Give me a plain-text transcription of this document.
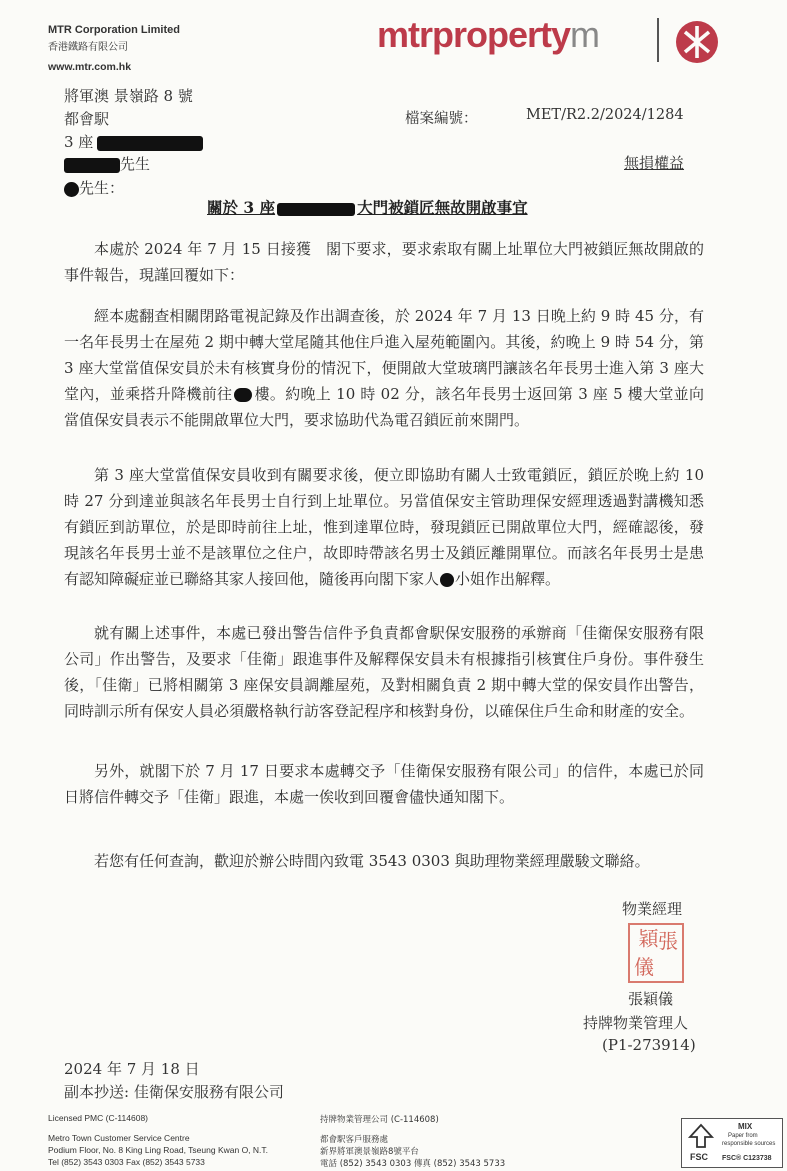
MTR Corporation Limited
香港鐵路有限公司
www.mtr.com.hk
mtrpropertym
將軍澳 景嶺路 8 號
都會駅
3 座
先生
先生：
檔案編號：	MET/R2.2/2024/1284
無損權益
關於 3 座	大門被鎖匠無故開啟事宜

本處於 2024 年 7 月 15 日接獲　閣下要求，要求索取有關上址單位大門被鎖匠無故開啟的事件報告，現謹回覆如下：

經本處翻查相關閉路電視記錄及作出調查後，於 2024 年 7 月 13 日晚上約 9 時 45 分，有一名年長男士在屋苑 2 期中轉大堂尾隨其他住戶進入屋苑範圍內。其後，約晚上 9 時 54 分，第 3 座大堂當值保安員於未有核實身份的情況下，便開啟大堂玻璃門讓該名年長男士進入第 3 座大堂內，並乘搭升降機前往 樓。約晚上 10 時 02 分，該名年長男士返回第 3 座 5 樓大堂並向當值保安員表示不能開啟單位大門，要求協助代為電召鎖匠前來開門。

第 3 座大堂當值保安員收到有關要求後，便立即協助有關人士致電鎖匠，鎖匠於晚上約 10 時 27 分到達並與該名年長男士自行到上址單位。另當值保安主管助理保安經理透過對講機知悉有鎖匠到訪單位，於是即時前往上址，惟到達單位時，發現鎖匠已開啟單位大門，經確認後，發現該名年長男士並不是該單位之住户，故即時帶該名男士及鎖匠離開單位。而該名年長男士是患有認知障礙症並已聯絡其家人接回他，隨後再向閣下家人 小姐作出解釋。

就有關上述事件，本處已發出警告信件予負責都會駅保安服務的承辦商「佳衛保安服務有限公司」作出警告，及要求「佳衛」跟進事件及解釋保安員未有根據指引核實住戶身份。事件發生後，「佳衛」已將相關第 3 座保安員調離屋苑，及對相關負責 2 期中轉大堂的保安員作出警告，同時訓示所有保安人員必須嚴格執行訪客登記程序和核對身份，以確保住戶生命和財產的安全。

另外，就閣下於 7 月 17 日要求本處轉交予「佳衛保安服務有限公司」的信件，本處已於同日將信件轉交予「佳衛」跟進，本處一俟收到回覆會儘快通知閣下。

若您有任何查詢，歡迎於辦公時間內致電 3543 0303 與助理物業經理嚴駿文聯絡。

物業經理
穎 張
儀
張穎儀
持牌物業管理人
(P1-273914)
2024 年 7 月 18 日
副本抄送: 佳衛保安服務有限公司
Licensed PMC (C-114608)
Metro Town Customer Service Centre
Podium Floor, No. 8 King Ling Road, Tseung Kwan O, N.T.
Tel (852) 3543 0303 Fax (852) 3543 5733
持牌物業管理公司 (C-114608)
都會駅客戶服務處
新界將軍澳景嶺路8號平台
電話 (852) 3543 0303 傳真 (852) 3543 5733
FSC
MIX
Paper from
responsible sources
FSC® C123738
